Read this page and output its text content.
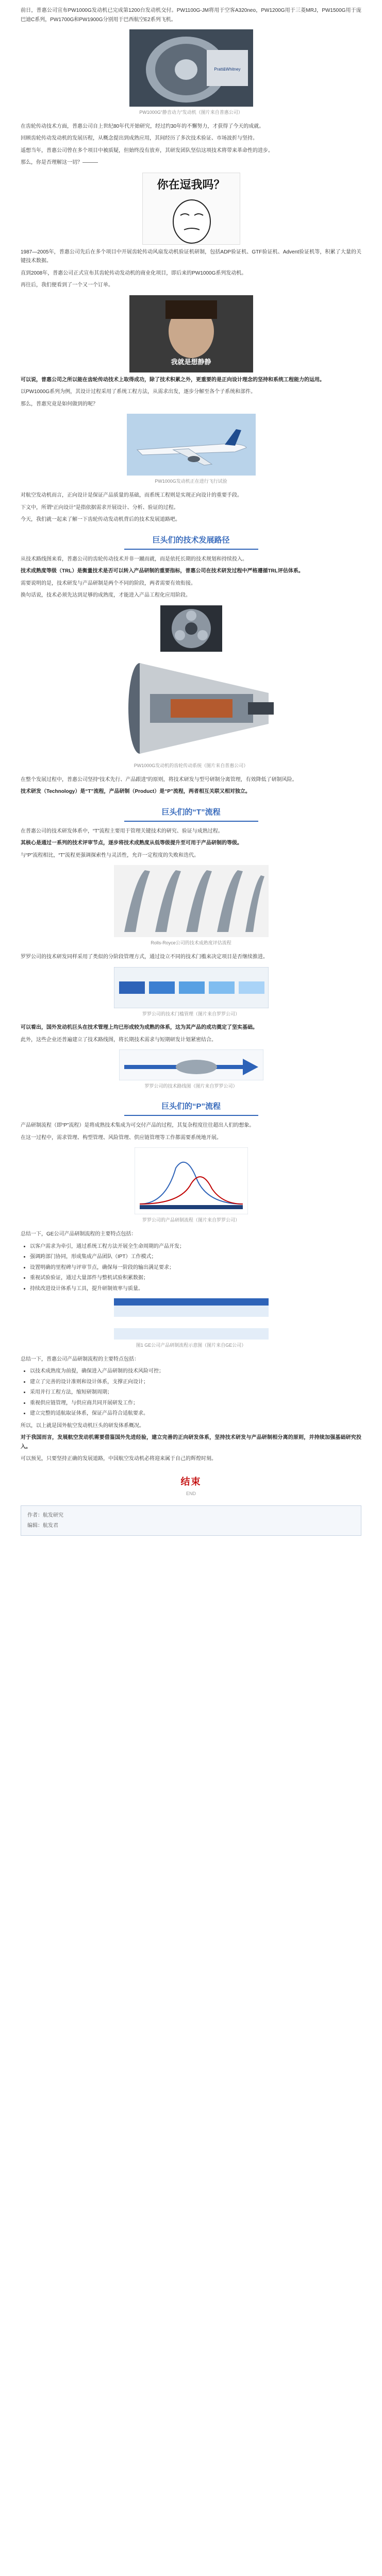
前日，普惠公司宣布PW1000G发动机已完成第1200台发动机交付。PW1100G-JM将用于空客A320neo，PW1200G用于三菱MRJ，PW1500G用于庞巴迪C系列，PW1700G和PW1900G分别用于巴西航空E2系列飞机。

Pratt&Whitney
PW1000G“静音动力”发动机（图片来自普惠公司）

在齿轮传动技术方面，普惠公司自上世纪80年代开始研究，经过约30年的不懈努力，才获得了今天的成就。

回顾齿轮传动发动机的发展历程，从概念提出到成熟应用，其间经历了多次技术验证、市场波折与坚持。

遥想当年，普惠公司曾在多个项目中被质疑，但始终没有放弃，其研发团队坚信这项技术将带来革命性的进步。

那么，你是否理解这一切？———

你在逗我吗？

1987—2005年，普惠公司先后在多个项目中开展齿轮传动风扇发动机验证机研制，包括ADP验证机、GTF验证机、Advent验证机等，积累了大量的关键技术数据。

直到2008年，普惠公司正式宣布其齿轮传动发动机的商业化项目，即后来的PW1000G系列发动机。

再往后，我们便看到了一个又一个订单。

我就是想静静

可以说，普惠公司之所以能在齿轮传动技术上取得成功，除了技术积累之外，更重要的是正向设计理念的坚持和系统工程能力的运用。

以PW1000G系列为例，其设计过程采用了系统工程方法，从需求出发，逐步分解至各个子系统和部件。

那么，普惠究竟是如何做到的呢？

PW1000G发动机正在进行飞行试验

对航空发动机而言，正向设计是保证产品质量的基础，而系统工程则是实现正向设计的重要手段。

下文中，所谓“正向设计”是指依据需求开展设计、分析、验证的过程。

今天，我们就一起来了解一下齿轮传动发动机背后的技术发展道路吧。

巨头们的技术发展路径

从技术路线图来看，普惠公司的齿轮传动技术并非一蹴而就，而是依托长期的技术规划和持续投入。

技术成熟度等级（TRL）是衡量技术是否可以转入产品研制的重要指标，普惠公司在技术研发过程中严格遵循TRL评估体系。

需要说明的是，技术研发与产品研制是两个不同的阶段，两者需要有效衔接。

换句话说，技术必须先达到足够的成熟度，才能进入产品工程化应用阶段。

PW1000G发动机的齿轮传动系统（图片来自普惠公司）

在整个发展过程中，普惠公司坚持“技术先行、产品跟进”的原则，将技术研发与型号研制分离管理，有效降低了研制风险。

技术研发（Technology）是“T”流程，产品研制（Product）是“P”流程，两者相互关联又相对独立。

巨头们的“T”流程

在普惠公司的技术研发体系中，“T”流程主要用于管理关键技术的研究、验证与成熟过程。

其核心是通过一系列的技术评审节点，逐步将技术成熟度从低等级提升至可用于产品研制的等级。

与“P”流程相比，“T”流程更强调探索性与灵活性，允许一定程度的失败和迭代。

Rolls-Royce公司的技术成熟度评估流程

罗罗公司的技术研发同样采用了类似的分阶段管理方式，通过设立不同的技术门槛来决定项目是否继续推进。

罗罗公司的技术门槛管理（图片来自罗罗公司）

可以看出，国外发动机巨头在技术管理上均已形成较为成熟的体系，这为其产品的成功奠定了坚实基础。

此外，这些企业还普遍建立了技术路线图，将长期技术需求与短期研发计划紧密结合。

罗罗公司的技术路线图（图片来自罗罗公司）
巨头们的“P”流程

产品研制流程（即“P”流程）是将成熟技术集成为可交付产品的过程，其复杂程度往往超出人们的想象。

在这一过程中，需求管理、构型管理、风险管理、供应链管理等工作都需要系统地开展。

罗罗公司的产品研制流程（图片来自罗罗公司）

总结一下，GE公司产品研制流程的主要特点包括：

• 以客户需求为牵引，通过系统工程方法开展全生命周期的产品开发；
• 强调跨部门协同，形成集成产品团队（IPT）工作模式；
• 设置明确的里程碑与评审节点，确保每一阶段的输出满足要求；
• 重视试验验证，通过大量部件与整机试验积累数据；
• 持续改进设计体系与工具，提升研制效率与质量。
图1 GE公司产品研制流程示意图（图片来自GE公司）

总结一下，普惠公司产品研制流程的主要特点包括：

• 以技术成熟度为前提，确保进入产品研制的技术风险可控；
• 建立了完善的设计准则和设计体系，支撑正向设计；
• 采用并行工程方法，缩短研制周期；
• 重视供应链管理，与供应商共同开展研发工作；
• 建立完整的适航取证体系，保证产品符合适航要求。

所以，以上就是国外航空发动机巨头的研发体系概况。

对于我国而言，发展航空发动机需要借鉴国外先进经验，建立完善的正向研发体系，坚持技术研发与产品研制相分离的原则，并持续加强基础研究投入。

可以预见，只要坚持正确的发展道路，中国航空发动机必将迎来属于自己的辉煌时刻。

结束
END
作者：航发研究
编辑：航发君
